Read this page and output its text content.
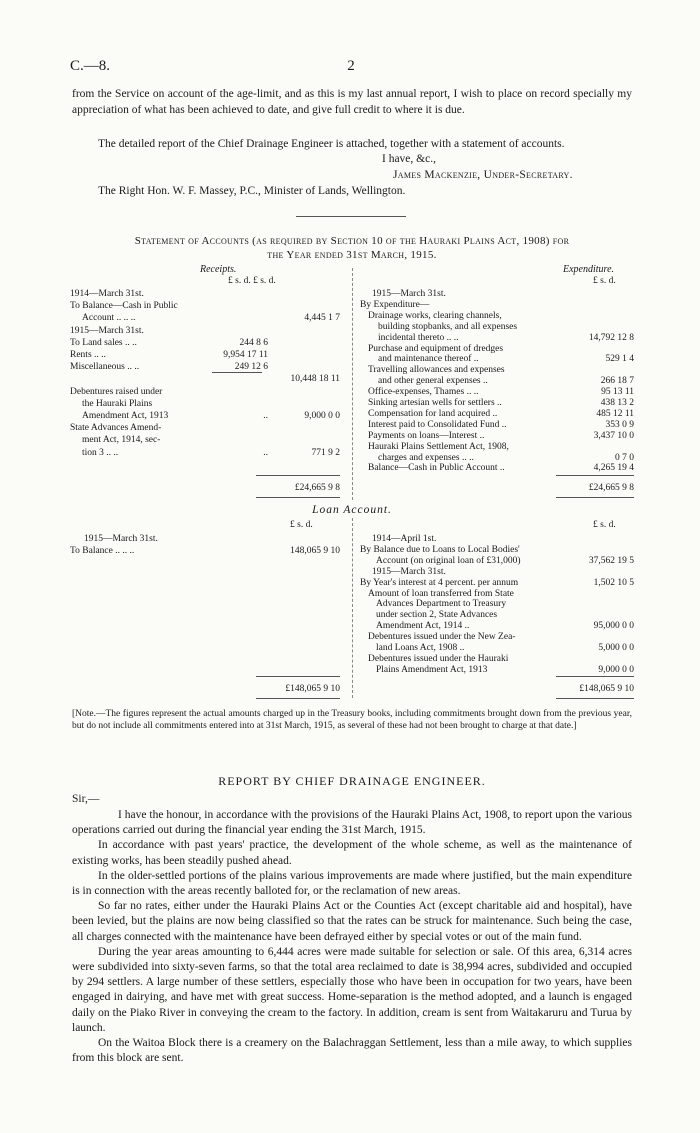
C.—8.	2

from the Service on account of the age-limit, and as this is my last annual report, I wish to place on record specially my appreciation of what has been achieved to date, and give full credit to where it is due.

The detailed report of the Chief Drainage Engineer is attached, together with a statement of accounts.

I have, &c.,
James Mackenzie, Under-Secretary.
The Right Hon. W. F. Massey, P.C., Minister of Lands, Wellington.

Statement of Accounts (as required by Section 10 of the Hauraki Plains Act, 1908) for

the Year ended 31st March, 1915.

Receipts.	Expenditure.
£ s. d. £ s. d.	£ s. d.
1914—March 31st.
To Balance—Cash in Public
Account .. .. ..	4,445 1 7
1915—March 31st.
To Land sales .. ..	244 8 6
Rents .. ..	9,954 17 11
Miscellaneous .. ..	249 12 6
10,448 18 11
Debentures raised under
the Hauraki Plains
Amendment Act, 1913	..	9,000 0 0
State Advances Amend-
ment Act, 1914, sec-
tion 3 .. ..	..	771 9 2
1915—March 31st.
By Expenditure—
Drainage works, clearing channels,
building stopbanks, and all expenses
incidental thereto .. ..	14,792 12 8
Purchase and equipment of dredges
and maintenance thereof ..	529 1 4
Travelling allowances and expenses
and other general expenses ..	266 18 7
Office-expenses, Thames .. ..	95 13 11
Sinking artesian wells for settlers ..	438 13 2
Compensation for land acquired ..	485 12 11
Interest paid to Consolidated Fund ..	353 0 9
Payments on loans—Interest ..	3,437 10 0
Hauraki Plains Settlement Act, 1908,
charges and expenses .. ..	0 7 0
Balance—Cash in Public Account ..	4,265 19 4
£24,665 9 8	£24,665 9 8

Loan Account.

£ s. d.	£ s. d.
1915—March 31st.
To Balance .. .. ..	148,065 9 10
1914—April 1st.
By Balance due to Loans to Local Bodies'
Account (on original loan of £31,000)	37,562 19 5
1915—March 31st.
By Year's interest at 4 percent. per annum	1,502 10 5
Amount of loan transferred from State
Advances Department to Treasury
under section 2, State Advances
Amendment Act, 1914 ..	95,000 0 0
Debentures issued under the New Zea-
land Loans Act, 1908 ..	5,000 0 0
Debentures issued under the Hauraki
Plains Amendment Act, 1913	9,000 0 0
£148,065 9 10	£148,065 9 10

[Note.—The figures represent the actual amounts charged up in the Treasury books, including commitments brought down from the previous year, but do not include all commitments entered into at 31st March, 1915, as several of these had not been brought to charge at that date.]

REPORT BY CHIEF DRAINAGE ENGINEER.

Sir,—

I have the honour, in accordance with the provisions of the Hauraki Plains Act, 1908, to report upon the various operations carried out during the financial year ending the 31st March, 1915.

In accordance with past years' practice, the development of the whole scheme, as well as the maintenance of existing works, has been steadily pushed ahead.

In the older-settled portions of the plains various improvements are made where justified, but the main expenditure is in connection with the areas recently balloted for, or the reclamation of new areas.

So far no rates, either under the Hauraki Plains Act or the Counties Act (except charitable aid and hospital), have been levied, but the plains are now being classified so that the rates can be struck for maintenance. Such being the case, all charges connected with the maintenance have been defrayed either by special votes or out of the main fund.

During the year areas amounting to 6,444 acres were made suitable for selection or sale. Of this area, 6,314 acres were subdivided into sixty-seven farms, so that the total area reclaimed to date is 38,994 acres, subdivided and occupied by 294 settlers. A large number of these settlers, especially those who have been in occupation for two years, have been engaged in dairying, and have met with great success. Home-separation is the method adopted, and a launch is engaged daily on the Piako River in conveying the cream to the factory. In addition, cream is sent from Waitakaruru and Turua by launch.

On the Waitoa Block there is a creamery on the Balachraggan Settlement, less than a mile away, to which supplies from this block are sent.
